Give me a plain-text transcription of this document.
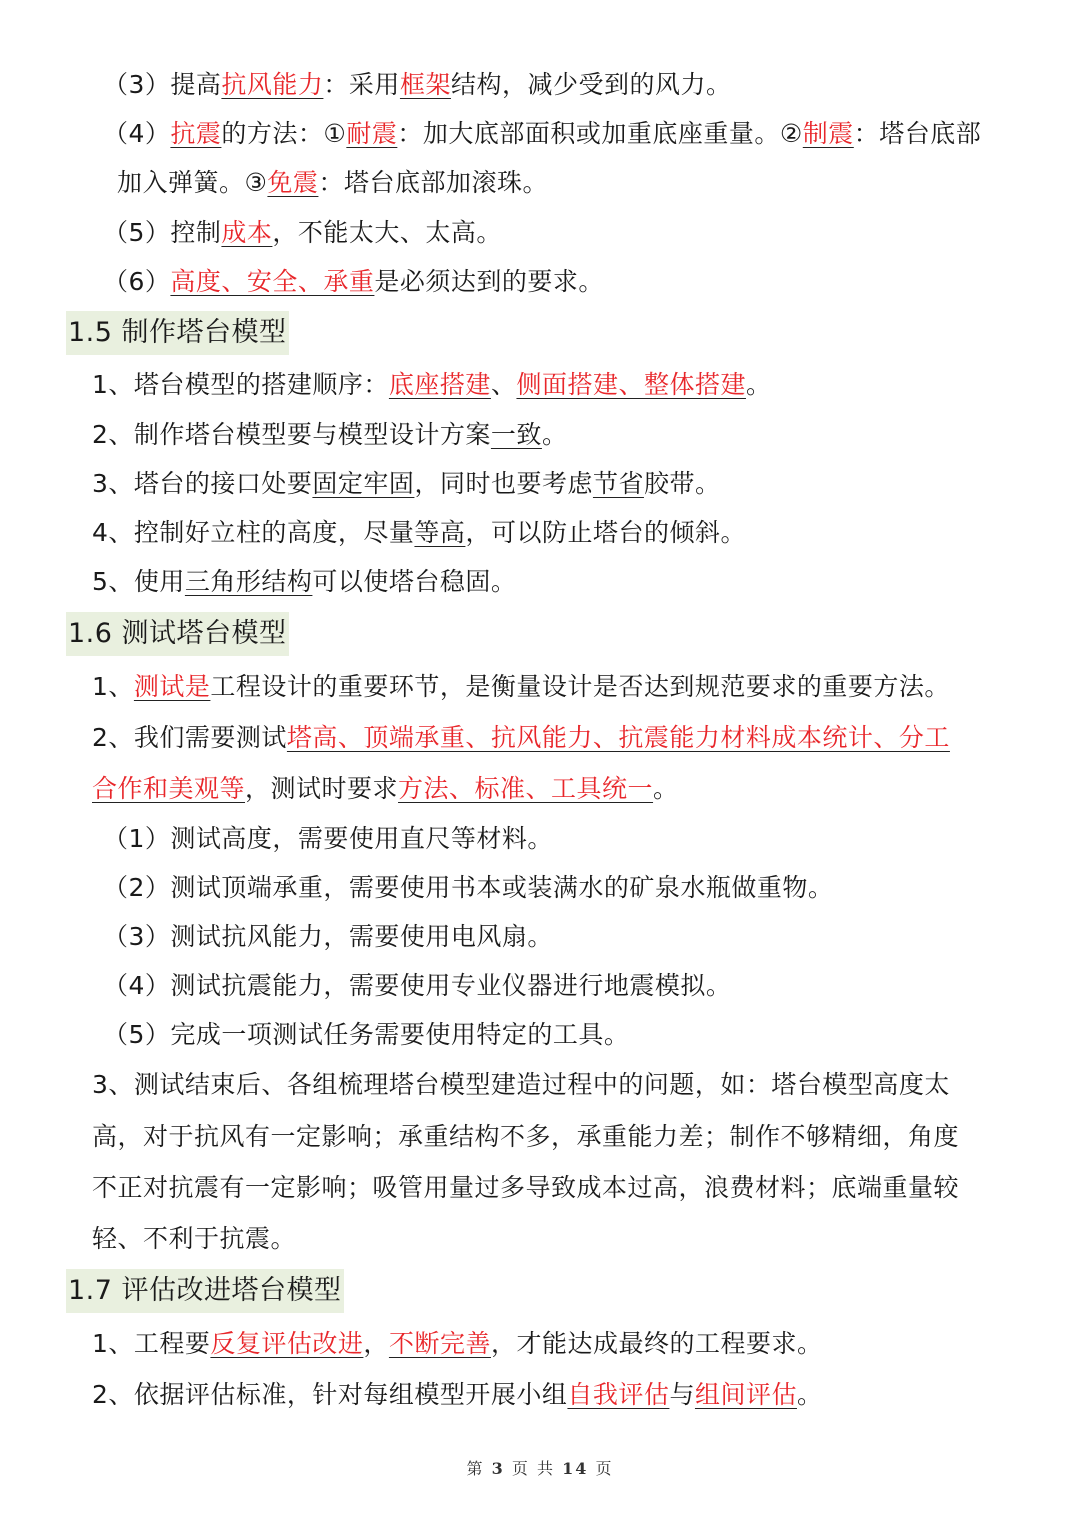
（3）提高抗风能力：采用框架结构，减少受到的风力。
（4）抗震的方法：①耐震：加大底部面积或加重底座重量。②制震：塔台底部
加入弹簧。③免震：塔台底部加滚珠。
（5）控制成本，不能太大、太高。
（6）高度、安全、承重是必须达到的要求。
1.5 制作塔台模型
1、塔台模型的搭建顺序：底座搭建、侧面搭建、整体搭建。
2、制作塔台模型要与模型设计方案一致。
3、塔台的接口处要固定牢固，同时也要考虑节省胶带。
4、控制好立柱的高度，尽量等高，可以防止塔台的倾斜。
5、使用三角形结构可以使塔台稳固。
1.6 测试塔台模型
1、测试是工程设计的重要环节，是衡量设计是否达到规范要求的重要方法。
2、我们需要测试塔高、顶端承重、抗风能力、抗震能力材料成本统计、分工
合作和美观等，测试时要求方法、标准、工具统一。
（1）测试高度，需要使用直尺等材料。
（2）测试顶端承重，需要使用书本或装满水的矿泉水瓶做重物。
（3）测试抗风能力，需要使用电风扇。
（4）测试抗震能力，需要使用专业仪器进行地震模拟。
（5）完成一项测试任务需要使用特定的工具。
3、测试结束后、各组梳理塔台模型建造过程中的问题，如：塔台模型高度太
高，对于抗风有一定影响；承重结构不多，承重能力差；制作不够精细，角度
不正对抗震有一定影响；吸管用量过多导致成本过高，浪费材料；底端重量较
轻、不利于抗震。
1.7 评估改进塔台模型
1、工程要反复评估改进，不断完善，才能达成最终的工程要求。
2、依据评估标准，针对每组模型开展小组自我评估与组间评估。
第 3 页 共 14 页
